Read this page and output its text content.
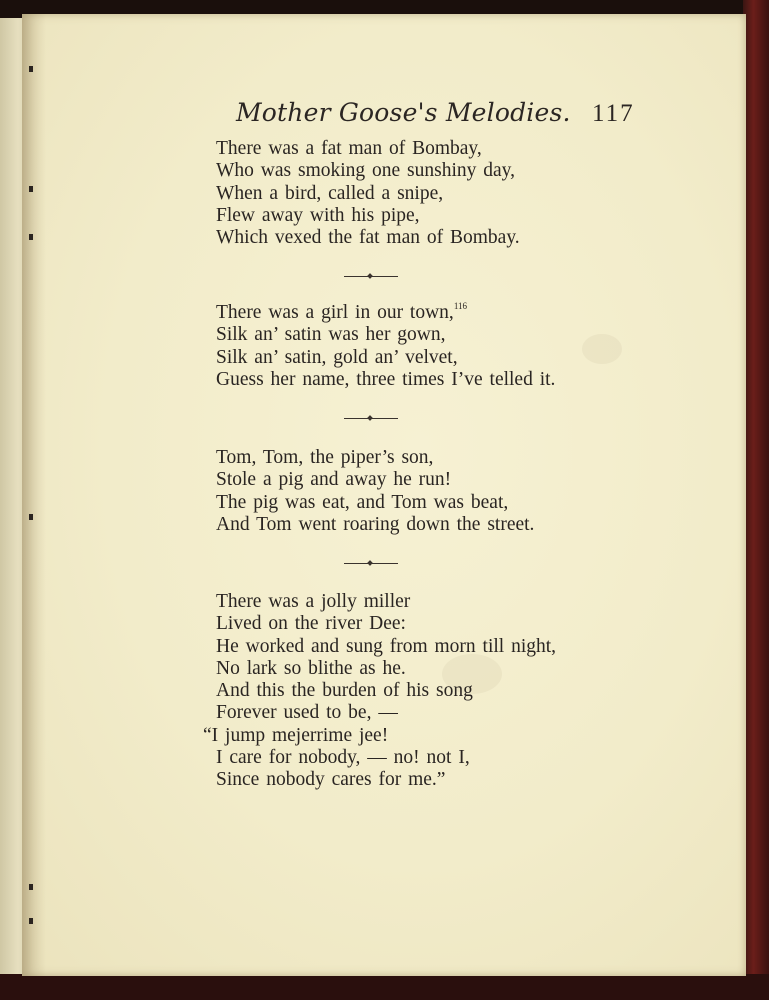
Mother Goose's Melodies. 117
There was a fat man of Bombay,
Who was smoking one sunshiny day,
When a bird, called a snipe,
Flew away with his pipe,
Which vexed the fat man of Bombay.
There was a girl in our town,$^{116}$
Silk an’ satin was her gown,
Silk an’ satin, gold an’ velvet,
Guess her name, three times I’ve telled it.
Tom, Tom, the piper’s son,
Stole a pig and away he run!
The pig was eat, and Tom was beat,
And Tom went roaring down the street.
There was a jolly miller
Lived on the river Dee:
He worked and sung from morn till night,
No lark so blithe as he.
And this the burden of his song
Forever used to be, —
“I jump mejerrime jee!
I care for nobody, — no! not I,
Since nobody cares for me.”
